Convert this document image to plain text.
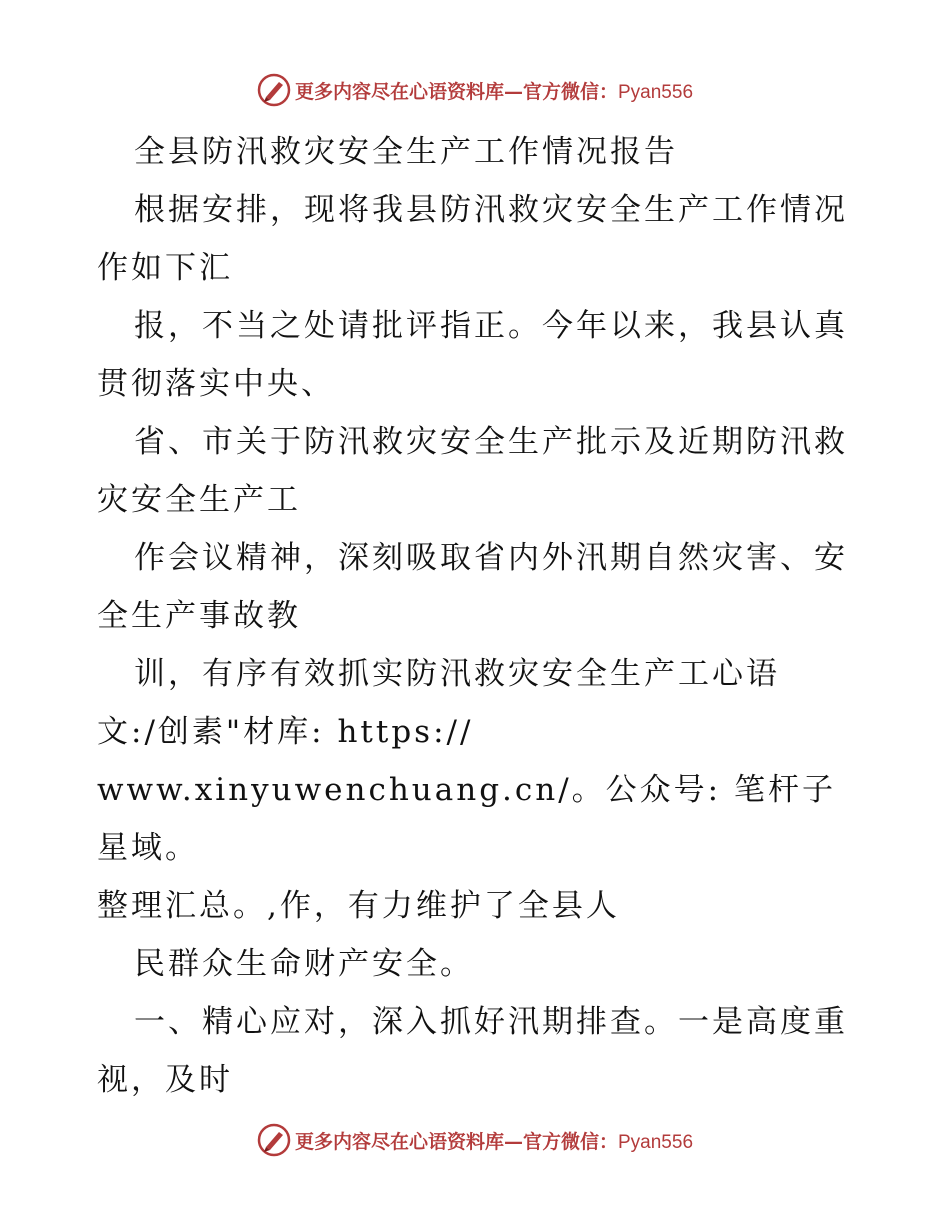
更多内容尽在心语资料库—官方微信：Pyan556

全县防汛救灾安全生产工作情况报告

根据安排，现将我县防汛救灾安全生产工作情况

作如下汇

报，不当之处请批评指正。今年以来，我县认真

贯彻落实中央、

省、市关于防汛救灾安全生产批示及近期防汛救

灾安全生产工

作会议精神，深刻吸取省内外汛期自然灾害、安

全生产事故教

训，有序有效抓实防汛救灾安全生产工心语

文:/创素"材库: https://

www.xinyuwenchuang.cn/。公众号: 笔杆子星域。

整理汇总。,作，有力维护了全县人

民群众生命财产安全。

一、精心应对，深入抓好汛期排查。一是高度重

视，及时

更多内容尽在心语资料库—官方微信：Pyan556
